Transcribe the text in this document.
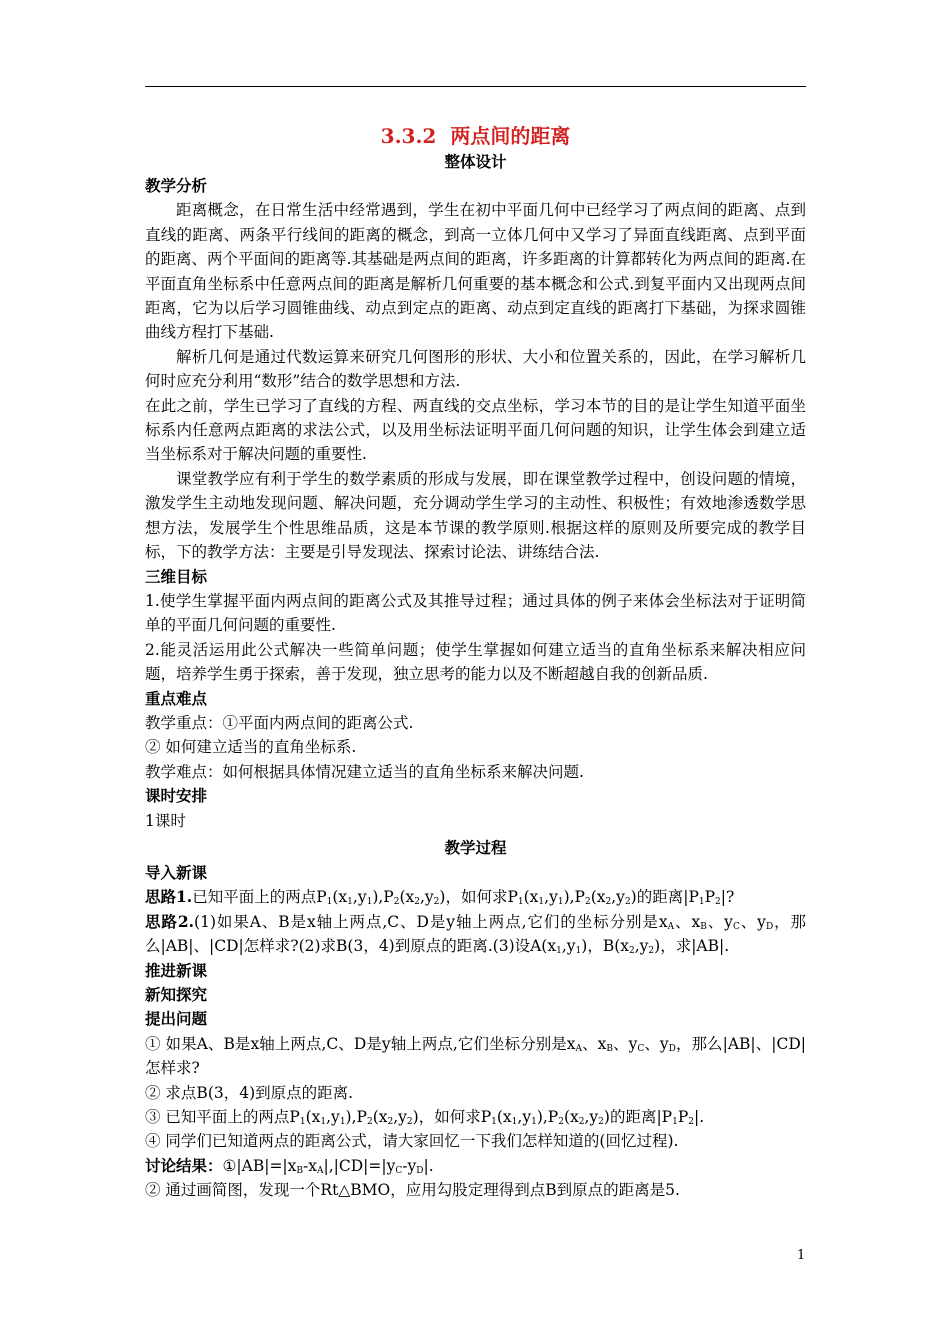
3.3.2 两点间的距离
整体设计
教学分析

距离概念，在日常生活中经常遇到，学生在初中平面几何中已经学习了两点间的距离、点到直线的距离、两条平行线间的距离的概念，到高一立体几何中又学习了异面直线距离、点到平面的距离、两个平面间的距离等.其基础是两点间的距离，许多距离的计算都转化为两点间的距离.在平面直角坐标系中任意两点间的距离是解析几何重要的基本概念和公式.到复平面内又出现两点间距离，它为以后学习圆锥曲线、动点到定点的距离、动点到定直线的距离打下基础，为探求圆锥曲线方程打下基础.

解析几何是通过代数运算来研究几何图形的形状、大小和位置关系的，因此，在学习解析几何时应充分利用“数形”结合的数学思想和方法.

在此之前，学生已学习了直线的方程、两直线的交点坐标，学习本节的目的是让学生知道平面坐标系内任意两点距离的求法公式，以及用坐标法证明平面几何问题的知识，让学生体会到建立适当坐标系对于解决问题的重要性.

课堂教学应有利于学生的数学素质的形成与发展，即在课堂教学过程中，创设问题的情境，激发学生主动地发现问题、解决问题，充分调动学生学习的主动性、积极性；有效地渗透数学思想方法，发展学生个性思维品质，这是本节课的教学原则.根据这样的原则及所要完成的教学目标，下的教学方法：主要是引导发现法、探索讨论法、讲练结合法.

三维目标

1.使学生掌握平面内两点间的距离公式及其推导过程；通过具体的例子来体会坐标法对于证明简单的平面几何问题的重要性.

2.能灵活运用此公式解决一些简单问题；使学生掌握如何建立适当的直角坐标系来解决相应问题，培养学生勇于探索，善于发现，独立思考的能力以及不断超越自我的创新品质.

重点难点

教学重点：①平面内两点间的距离公式.

② 如何建立适当的直角坐标系.

教学难点：如何根据具体情况建立适当的直角坐标系来解决问题.

课时安排

1课时

教学过程
导入新课

思路1.已知平面上的两点$P_1(x_1,y_1),P_2(x_2,y_2)$，如何求$P_1(x_1,y_1),P_2(x_2,y_2)$的距离$|P_1P_2|$?

思路2.(1)如果A、B是x轴上两点,C、D是y轴上两点,它们的坐标分别是$x_A$、$x_B$、$y_C$、$y_D$，那么|AB|、|CD|怎样求?(2)求B(3，4)到原点的距离.(3)设$A(x_1,y_1)$，$B(x_2,y_2)$，求|AB|.

推进新课
新知探究
提出问题

① 如果A、B是x轴上两点,C、D是y轴上两点,它们坐标分别是$x_A$、$x_B$、$y_C$、$y_D$，那么|AB|、|CD|怎样求?

② 求点B(3，4)到原点的距离.

③ 已知平面上的两点$P_1(x_1,y_1),P_2(x_2,y_2)$，如何求$P_1(x_1,y_1),P_2(x_2,y_2)$的距离$|P_1P_2|$.

④ 同学们已知道两点的距离公式，请大家回忆一下我们怎样知道的(回忆过程).

讨论结果：$①|AB|=|x_B-x_A|,|CD|=|y_C-y_D|$.

② 通过画简图，发现一个Rt△BMO，应用勾股定理得到点B到原点的距离是5.

1
